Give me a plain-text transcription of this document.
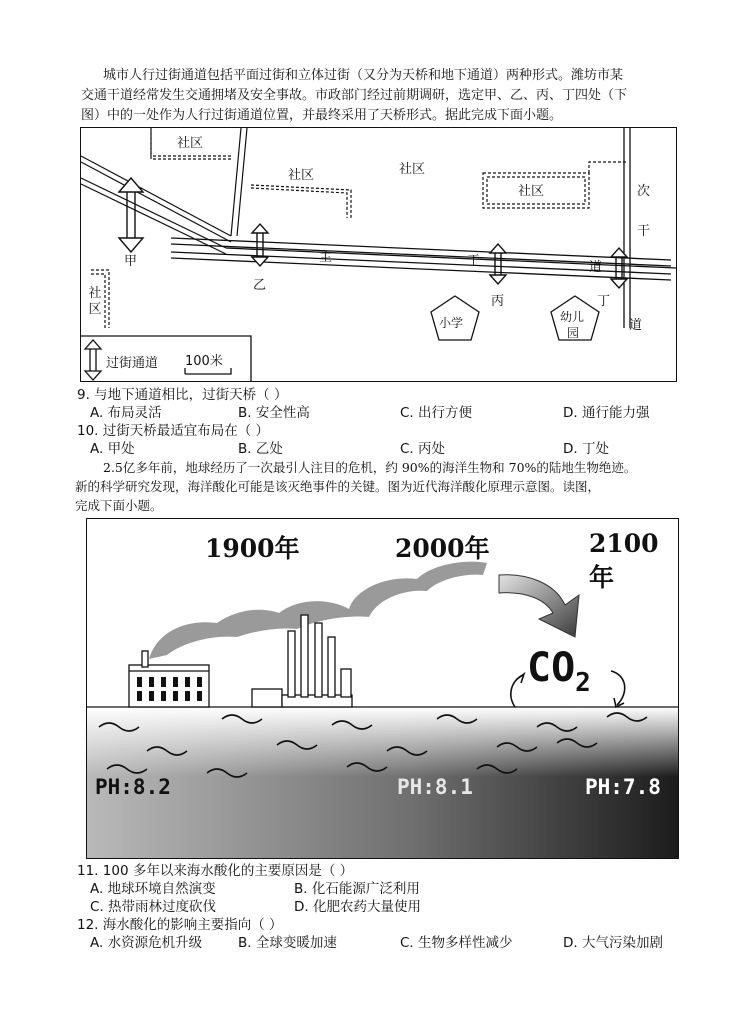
城市人行过街通道包括平面过街和立体过街（又分为天桥和地下通道）两种形式。潍坊市某
交通干道经常发生交通拥堵及安全事故。市政部门经过前期调研，选定甲、乙、丙、丁四处（下
图）中的一处作为人行过街通道位置，并最终采用了天桥形式。据此完成下面小题。
社区
社区	社区
社区
社区
主	干	道
次
干
道
甲
乙
丙	丁
小学	幼儿
园
过街通道 100米
9. 与地下通道相比，过街天桥（ ）
A. 布局灵活	B. 安全性高	C. 出行方便	D. 通行能力强
10. 过街天桥最适宜布局在（ ）
A. 甲处	B. 乙处	C. 丙处	D. 丁处
2.5亿多年前，地球经历了一次最引人注目的危机，约 90%的海洋生物和 70%的陆地生物绝迹。
新的科学研究发现，海洋酸化可能是该灭绝事件的关键。图为近代海洋酸化原理示意图。读图，
完成下面小题。
1900年	2000年	2100年
$CO_2$
PH:8.2	PH:8.1	PH:7.8
11. 100 多年以来海水酸化的主要原因是（ ）
A. 地球环境自然演变	B. 化石能源广泛利用
C. 热带雨林过度砍伐	D. 化肥农药大量使用
12. 海水酸化的影响主要指向（ ）
A. 水资源危机升级	B. 全球变暖加速	C. 生物多样性减少	D. 大气污染加剧
